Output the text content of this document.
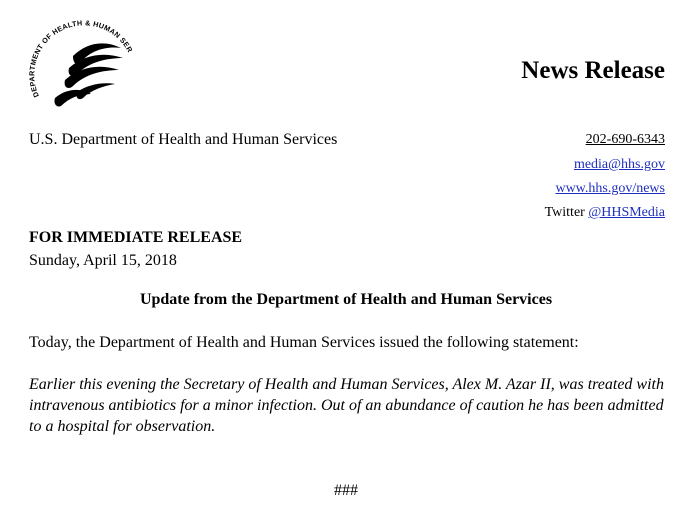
DEPARTMENT OF HEALTH & HUMAN SER
News Release
U.S. Department of Health and Human Services	202-690-6343
media@hhs.gov
www.hhs.gov/news
Twitter @HHSMedia
FOR IMMEDIATE RELEASE
Sunday, April 15, 2018
Update from the Department of Health and Human Services
Today, the Department of Health and Human Services issued the following statement:
Earlier this evening the Secretary of Health and Human Services, Alex M. Azar II, was treated with intravenous antibiotics for a minor infection. Out of an abundance of caution he has been admitted to a hospital for observation.
###
